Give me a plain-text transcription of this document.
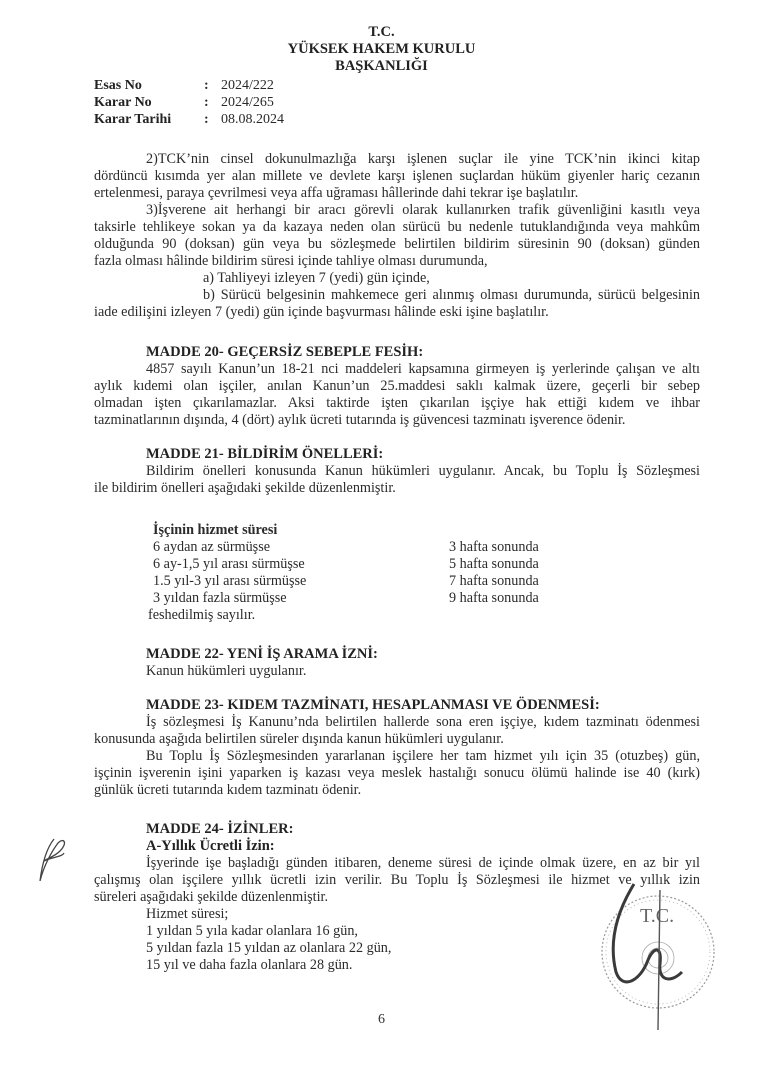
T.C.
YÜKSEK HAKEM KURULU
BAŞKANLIĞI
Esas No	: 2024/222
Karar No	: 2024/265
Karar Tarihi	: 08.08.2024
2)TCK’nin cinsel dokunulmazlığa karşı işlenen suçlar ile yine TCK’nin ikinci kitap
dördüncü kısımda yer alan millete ve devlete karşı işlenen suçlardan hüküm giyenler hariç cezanın
ertelenmesi, paraya çevrilmesi veya affa uğraması hâllerinde dahi tekrar işe başlatılır.
3)İşverene ait herhangi bir aracı görevli olarak kullanırken trafik güvenliğini kasıtlı veya
taksirle tehlikeye sokan ya da kazaya neden olan sürücü bu nedenle tutuklandığında veya mahkûm
olduğunda 90 (doksan) gün veya bu sözleşmede belirtilen bildirim süresinin 90 (doksan) günden
fazla olması hâlinde bildirim süresi içinde tahliye olması durumunda,
a) Tahliyeyi izleyen 7 (yedi) gün içinde,
b) Sürücü belgesinin mahkemece geri alınmış olması durumunda, sürücü belgesinin
iade edilişini izleyen 7 (yedi) gün içinde başvurması hâlinde eski işine başlatılır.
MADDE 20- GEÇERSİZ SEBEPLE FESİH:
4857 sayılı Kanun’un 18-21 nci maddeleri kapsamına girmeyen iş yerlerinde çalışan ve altı
aylık kıdemi olan işçiler, anılan Kanun’un 25.maddesi saklı kalmak üzere, geçerli bir sebep
olmadan işten çıkarılamazlar. Aksi taktirde işten çıkarılan işçiye hak ettiği kıdem ve ihbar
tazminatlarının dışında, 4 (dört) aylık ücreti tutarında iş güvencesi tazminatı işverence ödenir.
MADDE 21- BİLDİRİM ÖNELLERİ:
Bildirim önelleri konusunda Kanun hükümleri uygulanır. Ancak, bu Toplu İş Sözleşmesi
ile bildirim önelleri aşağıdaki şekilde düzenlenmiştir.
İşçinin hizmet süresi
6 aydan az sürmüşse	3 hafta sonunda
6 ay-1,5 yıl arası sürmüşse	5 hafta sonunda
1.5 yıl-3 yıl arası sürmüşse	7 hafta sonunda
3 yıldan fazla sürmüşse	9 hafta sonunda
feshedilmiş sayılır.
MADDE 22- YENİ İŞ ARAMA İZNİ:
Kanun hükümleri uygulanır.
MADDE 23- KIDEM TAZMİNATI, HESAPLANMASI VE ÖDENMESİ:
İş sözleşmesi İş Kanunu’nda belirtilen hallerde sona eren işçiye, kıdem tazminatı ödenmesi
konusunda aşağıda belirtilen süreler dışında kanun hükümleri uygulanır.
Bu Toplu İş Sözleşmesinden yararlanan işçilere her tam hizmet yılı için 35 (otuzbeş) gün,
işçinin işverenin işini yaparken iş kazası veya meslek hastalığı sonucu ölümü halinde ise 40 (kırk)
günlük ücreti tutarında kıdem tazminatı ödenir.
MADDE 24- İZİNLER:
A-Yıllık Ücretli İzin:
İşyerinde işe başladığı günden itibaren, deneme süresi de içinde olmak üzere, en az bir yıl
çalışmış olan işçilere yıllık ücretli izin verilir. Bu Toplu İş Sözleşmesi ile hizmet ve yıllık izin
süreleri aşağıdaki şekilde düzenlenmiştir.
Hizmet süresi;
1 yıldan 5 yıla kadar olanlara 16 gün,
5 yıldan fazla 15 yıldan az olanlara 22 gün,
15 yıl ve daha fazla olanlara 28 gün.
T.C.
6
